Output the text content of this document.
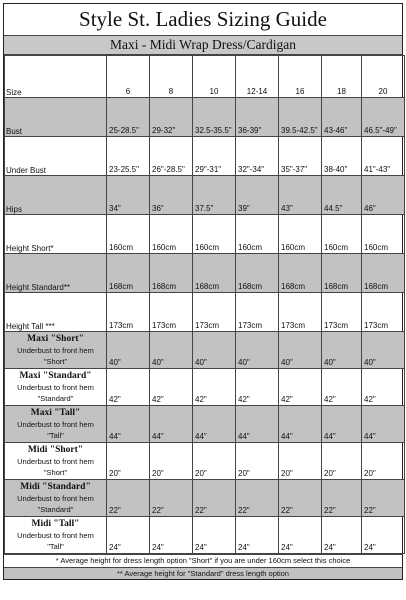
Style St. Ladies Sizing Guide
Maxi - Midi Wrap Dress/Cardigan
Size	6	8	10	12-14	16	18	20
Bust	25-28.5"	29-32"	32.5-35.5"	36-39"	39.5-42.5"	43-46"	46.5"-49"
Under Bust	23-25.5"	26"-28.5"	29"-31"	32"-34"	35"-37"	38-40"	41"-43"
Hips	34"	36"	37.5"	39"	43"	44.5"	46"
Height Short*	160cm	160cm	160cm	160cm	160cm	160cm	160cm
Height Standard**	168cm	168cm	168cm	168cm	168cm	168cm	168cm
Height Tall ***	173cm	173cm	173cm	173cm	173cm	173cm	173cm

Maxi "Short"
Underbust to front hem
"Short"	40"	40"	40"	40"	40"	40"	40"

Maxi "Standard"
Underbust to front hem
"Standard"	42"	42"	42"	42"	42"	42"	42"

Maxi "Tall"
Underbust to front hem
"Tall"	44"	44"	44"	44"	44"	44"	44"

Midi "Short"
Underbust to front hem
"Short"	20"	20"	20"	20"	20"	20"	20"

Midi "Standard"
Underbust to front hem
"Standard"	22"	22"	22"	22"	22"	22"	22"

Midi "Tall"
Underbust to front hem
"Tall"	24"	24"	24"	24"	24"	24"	24"
* Average height for dress length option "Short" if you are under 160cm select this choice
** Average height for "Standard" dress length option
